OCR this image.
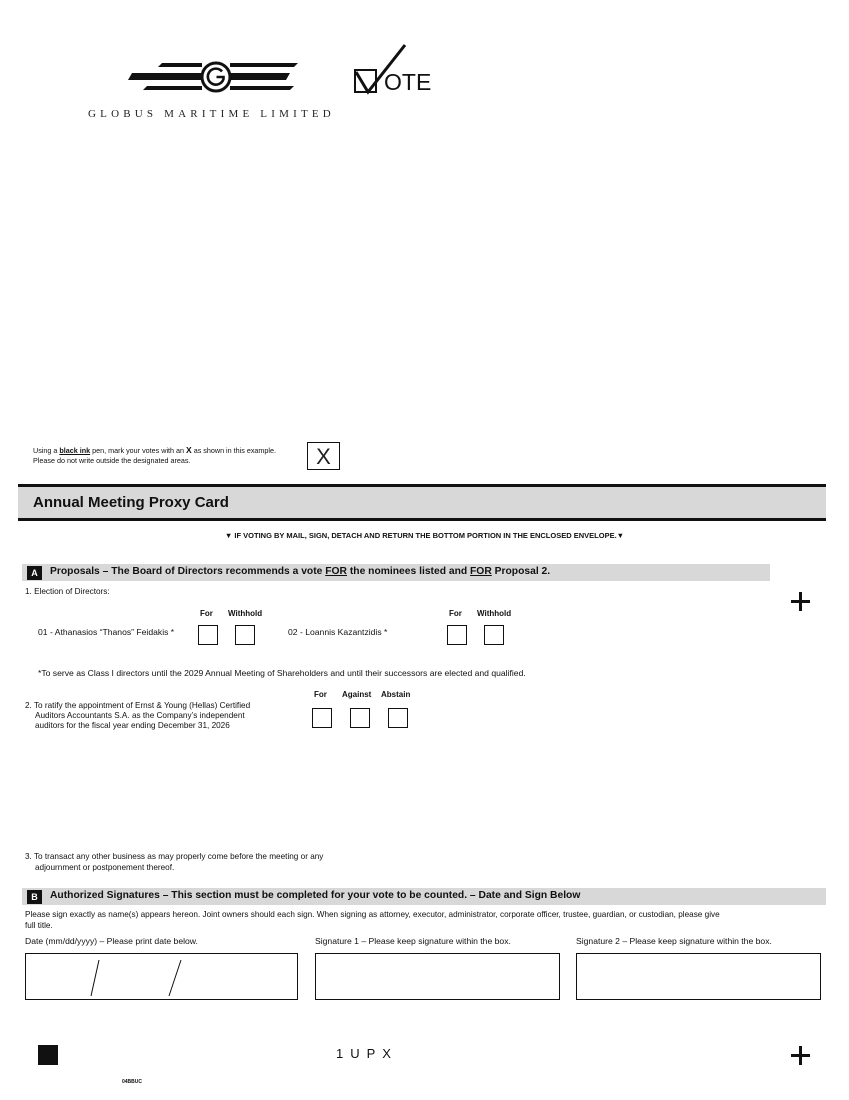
GLOBUS MARITIME LIMITED
OTE
Using a black ink pen, mark your votes with an X as shown in this example.
Please do not write outside the designated areas.	X
Annual Meeting Proxy Card
▼ IF VOTING BY MAIL, SIGN, DETACH AND RETURN THE BOTTOM PORTION IN THE ENCLOSED ENVELOPE.▼
A	Proposals – The Board of Directors recommends a vote FOR the nominees listed and FOR Proposal 2.
1. Election of Directors:
For Withhold	For Withhold
01 - Athanasios “Thanos” Feidakis *	02 - Loannis Kazantzidis *
*To serve as Class I directors until the 2029 Annual Meeting of Shareholders and until their successors are elected and qualified.
For Against Abstain
2. To ratify the appointment of Ernst & Young (Hellas) Certified
Auditors Accountants S.A. as the Company’s independent
auditors for the fiscal year ending December 31, 2026
3. To transact any other business as may properly come before the meeting or any
adjournment or postponement thereof.
B	Authorized Signatures – This section must be completed for your vote to be counted. – Date and Sign Below
Please sign exactly as name(s) appears hereon. Joint owners should each sign. When signing as attorney, executor, administrator, corporate officer, trustee, guardian, or custodian, please give
full title.
Date (mm/dd/yyyy) – Please print date below.	Signature 1 – Please keep signature within the box.	Signature 2 – Please keep signature within the box.
1UPX
04BBUC
